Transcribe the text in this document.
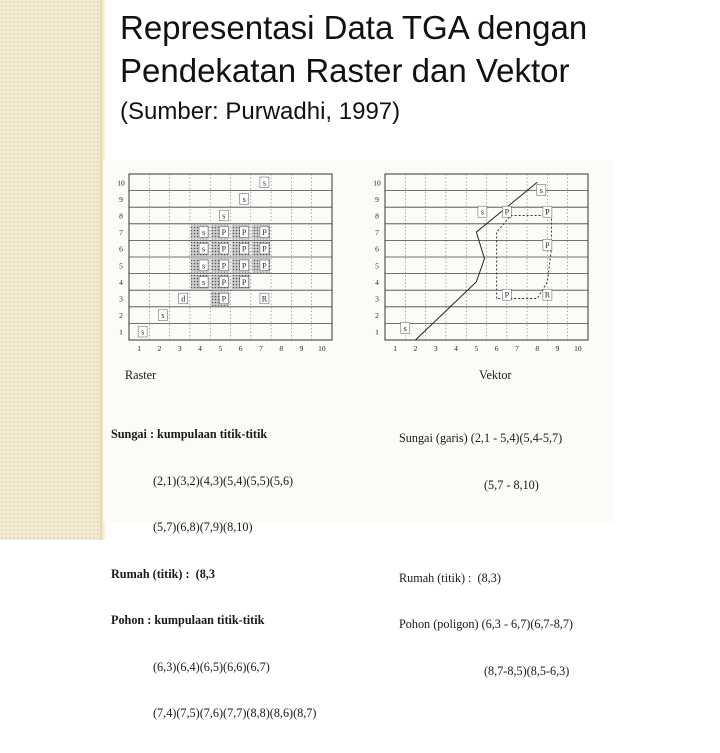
Representasi Data TGA dengan
Pendekatan Raster dan Vektor
(Sumber: Purwadhi, 1997)
10
9
8
7
6
5
4
3
2
1
1 2 3 4 5 6 7 8 9 10
s
s
s
s P P P
s P P P
s P P P
s P P
d	P	R
s
s
10
9
8
7
6
5
4
3
2
1
1 2 3 4 5 6 7 8 9 10
s
s	P	P
P
P	R
s
Raster	Vektor

Sungai : kumpulaan titik-titik

(2,1)(3,2)(4,3)(5,4)(5,5)(5,6)

(5,7)(6,8)(7,9)(8,10)

Rumah (titik) :  (8,3

Pohon : kumpulaan titik-titik

(6,3)(6,4)(6,5)(6,6)(6,7)

(7,4)(7,5)(7,6)(7,7)(8,8)(8,6)(8,7)

Sungai (garis) (2,1 - 5,4)(5,4-5,7)

(5,7 - 8,10)

Rumah (titik) :  (8,3)

Pohon (poligon) (6,3 - 6,7)(6,7-8,7)

(8,7-8,5)(8,5-6,3)
